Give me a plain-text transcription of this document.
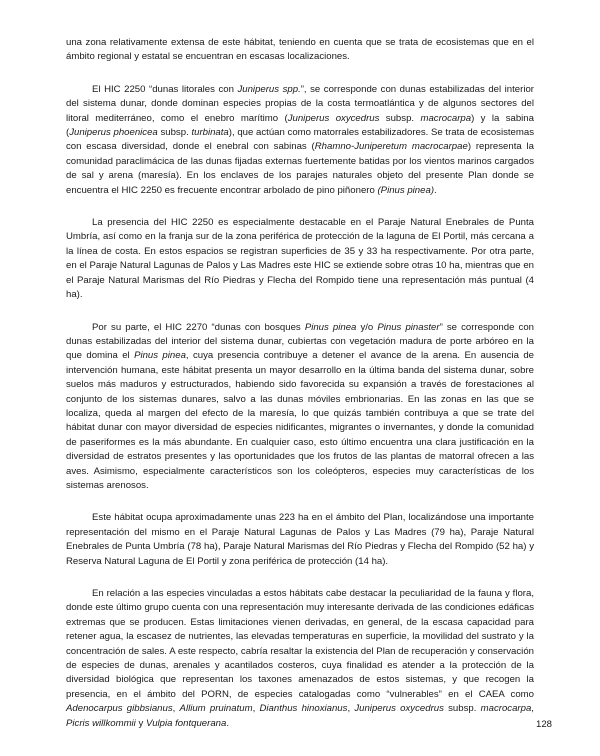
una zona relativamente extensa de este hábitat, teniendo en cuenta que se trata de ecosistemas que en el ámbito regional y estatal se encuentran en escasas localizaciones.

El HIC 2250 “dunas litorales con Juniperus spp.”, se corresponde con dunas estabilizadas del interior del sistema dunar, donde dominan especies propias de la costa termoatlántica y de algunos sectores del litoral mediterráneo, como el enebro marítimo (Juniperus oxycedrus subsp. macrocarpa) y la sabina (Juniperus phoenicea subsp. turbinata), que actúan como matorrales estabilizadores. Se trata de ecosistemas con escasa diversidad, donde el enebral con sabinas (Rhamno-Juniperetum macrocarpae) representa la comunidad paraclimácica de las dunas fijadas externas fuertemente batidas por los vientos marinos cargados de sal y arena (maresía). En los enclaves de los parajes naturales objeto del presente Plan donde se encuentra el HIC 2250 es frecuente encontrar arbolado de pino piñonero (Pinus pinea).

La presencia del HIC 2250 es especialmente destacable en el Paraje Natural Enebrales de Punta Umbría, así como en la franja sur de la zona periférica de protección de la laguna de El Portil, más cercana a la línea de costa. En estos espacios se registran superficies de 35 y 33 ha respectivamente. Por otra parte, en el Paraje Natural Lagunas de Palos y Las Madres este HIC se extiende sobre otras 10 ha, mientras que en el Paraje Natural Marismas del Río Piedras y Flecha del Rompido tiene una representación más puntual (4 ha).

Por su parte, el HIC 2270 “dunas con bosques Pinus pinea y/o Pinus pinaster” se corresponde con dunas estabilizadas del interior del sistema dunar, cubiertas con vegetación madura de porte arbóreo en la que domina el Pinus pinea, cuya presencia contribuye a detener el avance de la arena. En ausencia de intervención humana, este hábitat presenta un mayor desarrollo en la última banda del sistema dunar, sobre suelos más maduros y estructurados, habiendo sido favorecida su expansión a través de forestaciones al conjunto de los sistemas dunares, salvo a las dunas móviles embrionarias. En las zonas en las que se localiza, queda al margen del efecto de la maresía, lo que quizás también contribuya a que se trate del hábitat dunar con mayor diversidad de especies nidificantes, migrantes o invernantes, y donde la comunidad de paseriformes es la más abundante. En cualquier caso, esto último encuentra una clara justificación en la diversidad de estratos presentes y las oportunidades que los frutos de las plantas de matorral ofrecen a las aves. Asimismo, especialmente característicos son los coleópteros, especies muy características de los sistemas arenosos.

Este hábitat ocupa aproximadamente unas 223 ha en el ámbito del Plan, localizándose una importante representación del mismo en el Paraje Natural Lagunas de Palos y Las Madres (79 ha), Paraje Natural Enebrales de Punta Umbría (78 ha), Paraje Natural Marismas del Río Piedras y Flecha del Rompido (52 ha) y Reserva Natural Laguna de El Portil y zona periférica de protección (14 ha).

En relación a las especies vinculadas a estos hábitats cabe destacar la peculiaridad de la fauna y flora, donde este último grupo cuenta con una representación muy interesante derivada de las condiciones edáficas extremas que se producen. Estas limitaciones vienen derivadas, en general, de la escasa capacidad para retener agua, la escasez de nutrientes, las elevadas temperaturas en superficie, la movilidad del sustrato y la concentración de sales. A este respecto, cabría resaltar la existencia del Plan de recuperación y conservación de especies de dunas, arenales y acantilados costeros, cuya finalidad es atender a la protección de la diversidad biológica que representan los taxones amenazados de estos sistemas, y que recogen la presencia, en el ámbito del PORN, de especies catalogadas como “vulnerables” en el CAEA como Adenocarpus gibbsianus, Allium pruinatum, Dianthus hinoxianus, Juniperus oxycedrus subsp. macrocarpa, Picris willkommii y Vulpia fontquerana.	128
